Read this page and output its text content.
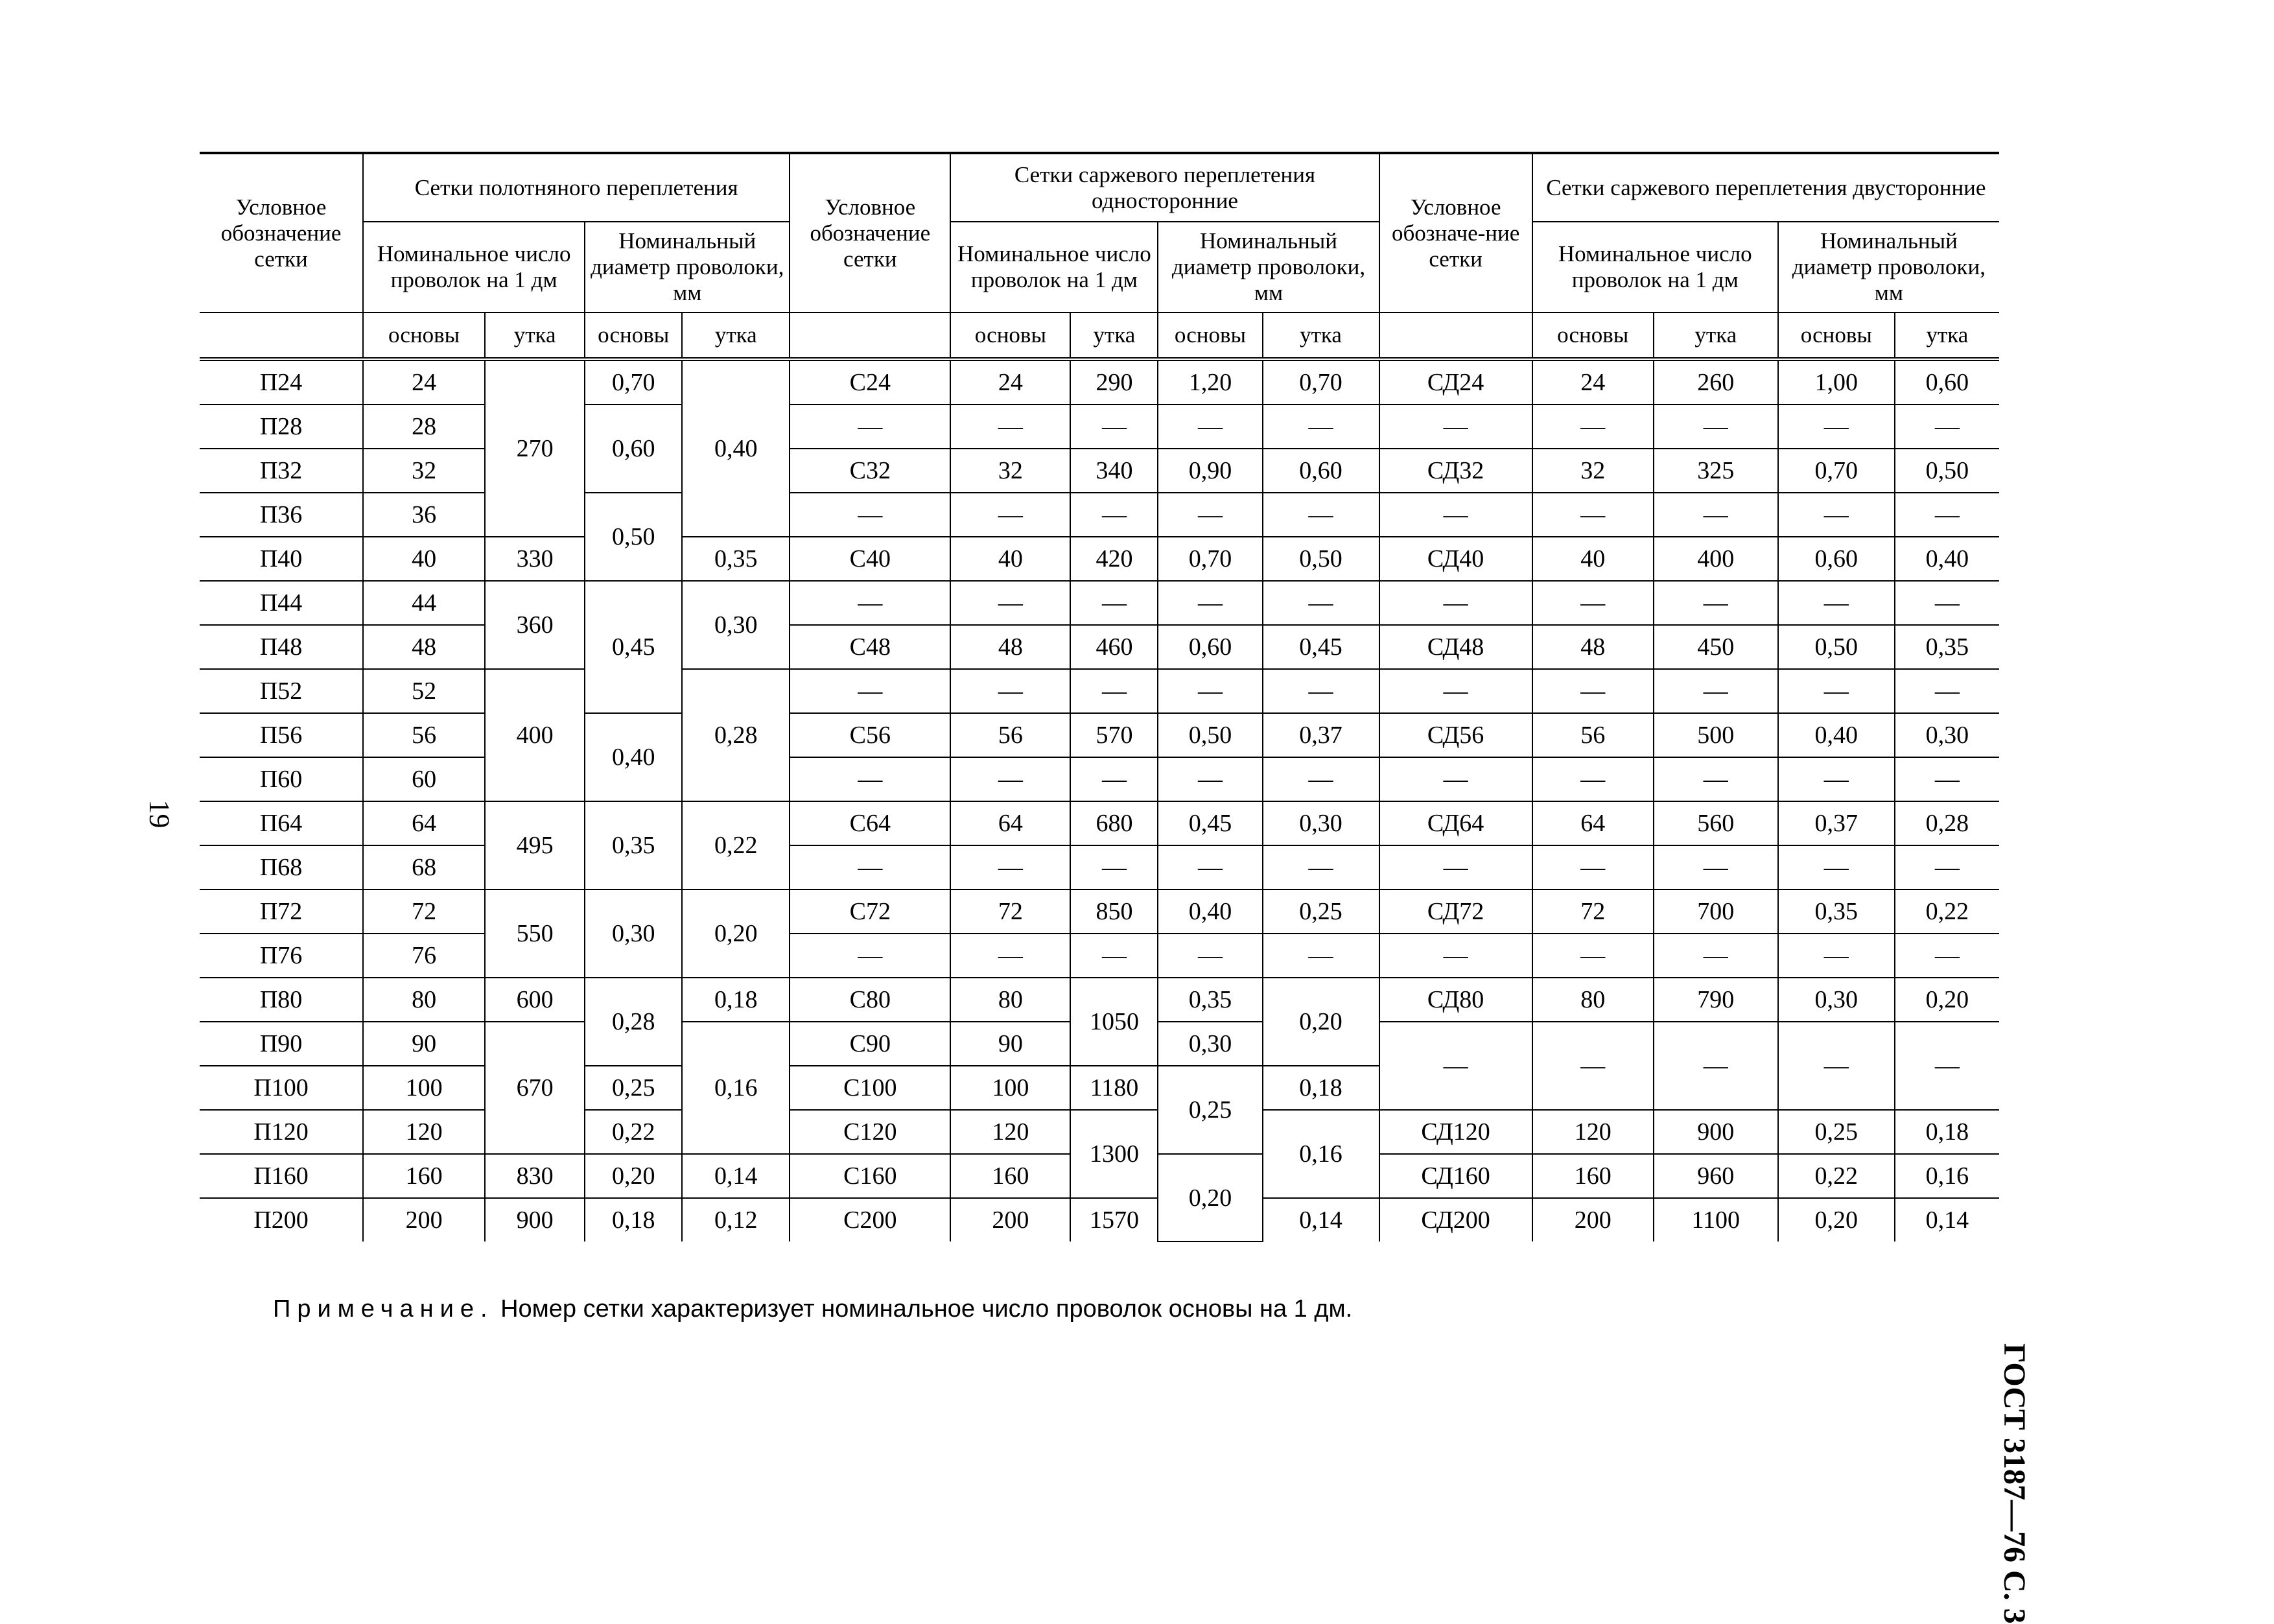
19
ГОСТ 3187—76 С. 3
Условное обозначение сетки	Сетки полотняного переплетения				Условное обозначение сетки	Сетки саржевого переплетения односторонние				Условное обозначе-ние сетки	Сетки саржевого переплетения двусторонние			
	Номинальное число проволок на 1 дм		Номинальный диаметр проволоки, мм			Номинальное число проволок на 1 дм		Номинальный диаметр проволоки, мм			Номинальное число проволок на 1 дм		Номинальный диаметр проволоки, мм	
	основы	утка	основы	утка		основы	утка	основы	утка		основы	утка	основы	утка
П24	24	270	0,70	0,40	С24	24	290	1,20	0,70	СД24	24	260	1,00	0,60
П28	28		0,60		—	—	—	—	—	—	—	—	—	—
П32	32				С32	32	340	0,90	0,60	СД32	32	325	0,70	0,50
П36	36		0,50		—	—	—	—	—	—	—	—	—	—
П40	40	330		0,35	С40	40	420	0,70	0,50	СД40	40	400	0,60	0,40
П44	44	360	0,45	0,30	—	—	—	—	—	—	—	—	—	—
П48	48				С48	48	460	0,60	0,45	СД48	48	450	0,50	0,35
П52	52	400		0,28	—	—	—	—	—	—	—	—	—	—
П56	56		0,40		С56	56	570	0,50	0,37	СД56	56	500	0,40	0,30
П60	60				—	—	—	—	—	—	—	—	—	—
П64	64	495	0,35	0,22	С64	64	680	0,45	0,30	СД64	64	560	0,37	0,28
П68	68				—	—	—	—	—	—	—	—	—	—
П72	72	550	0,30	0,20	С72	72	850	0,40	0,25	СД72	72	700	0,35	0,22
П76	76				—	—	—	—	—	—	—	—	—	—
П80	80	600	0,28	0,18	С80	80	1050	0,35	0,20	СД80	80	790	0,30	0,20
П90	90	670		0,16	С90	90		0,30		—	—	—	—	—
П100	100		0,25		С100	100	1180	0,25	0,18					
П120	120		0,22		С120	120	1300		0,16	СД120	120	900	0,25	0,18
П160	160	830	0,20	0,14	С160	160		0,20		СД160	160	960	0,22	0,16
П200	200	900	0,18	0,12	С200	200	1570		0,14	СД200	200	1100	0,20	0,14
Примечание. Номер сетки характеризует номинальное число проволок основы на 1 дм.
